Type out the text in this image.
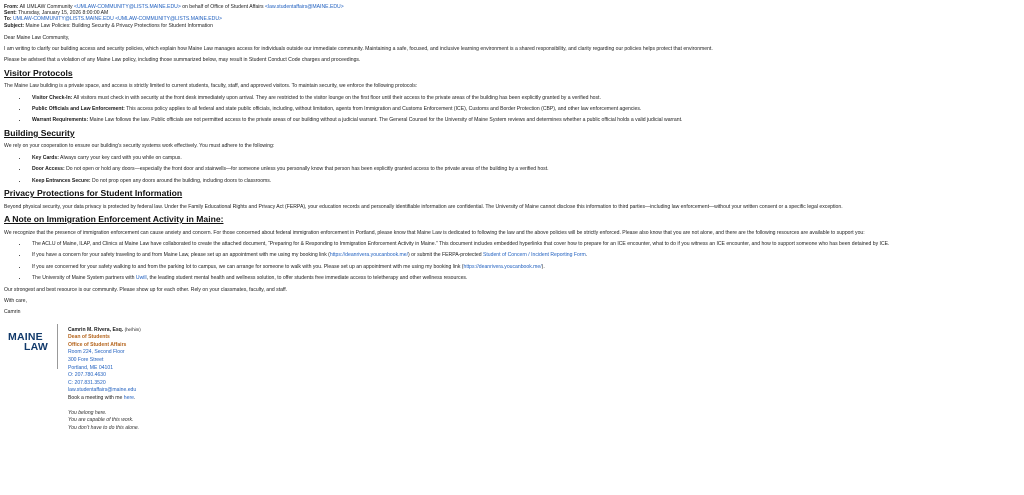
From: All UMLAW Community <UMLAW-COMMUNITY@LISTS.MAINE.EDU> on behalf of Office of Student Affairs <law.studentaffairs@MAINE.EDU>
Sent: Thursday, January 15, 2026 8:00:00 AM
To: UMLAW-COMMUNITY@LISTS.MAINE.EDU <UMLAW-COMMUNITY@LISTS.MAINE.EDU>
Subject: Maine Law Policies: Building Security & Privacy Protections for Student Information

Dear Maine Law Community,

I am writing to clarify our building access and security policies, which explain how Maine Law manages access for individuals outside our immediate community. Maintaining a safe, focused, and inclusive learning environment is a shared responsibility, and clarity regarding our policies helps protect that environment.

Please be advised that a violation of any Maine Law policy, including those summarized below, may result in Student Conduct Code charges and proceedings.

Visitor Protocols

The Maine Law building is a private space, and access is strictly limited to current students, faculty, staff, and approved visitors. To maintain security, we enforce the following protocols:

• Visitor Check-In: All visitors must check in with security at the front desk immediately upon arrival. They are restricted to the visitor lounge on the first floor until their access to the private areas of the building has been explicitly granted by a verified host.
• Public Officials and Law Enforcement: This access policy applies to all federal and state public officials, including, without limitation, agents from Immigration and Customs Enforcement (ICE), Customs and Border Protection (CBP), and other law enforcement agencies.
• Warrant Requirements: Maine Law follows the law. Public officials are not permitted access to the private areas of our building without a judicial warrant. The General Counsel for the University of Maine System reviews and determines whether a public official holds a valid judicial warrant.
Building Security

We rely on your cooperation to ensure our building’s security systems work effectively. You must adhere to the following:

• Key Cards: Always carry your key card with you while on campus.
• Door Access: Do not open or hold any doors—especially the front door and stairwells—for someone unless you personally know that person has been explicitly granted access to the private areas of the building by a verified host.
• Keep Entrances Secure: Do not prop open any doors around the building, including doors to classrooms.
Privacy Protections for Student Information

Beyond physical security, your data privacy is protected by federal law. Under the Family Educational Rights and Privacy Act (FERPA), your education records and personally identifiable information are confidential. The University of Maine cannot disclose this information to third parties—including law enforcement—without your written consent or a specific legal exception.

A Note on Immigration Enforcement Activity in Maine:

We recognize that the presence of immigration enforcement can cause anxiety and concern. For those concerned about federal immigration enforcement in Portland, please know that Maine Law is dedicated to following the law and the above policies will be strictly enforced. Please also know that you are not alone, and there are the following resources are available to support you:

• The ACLU of Maine, ILAP, and Clinics at Maine Law have collaborated to create the attached document, “Preparing for & Responding to Immigration Enforcement Activity in Maine.” This document includes embedded hyperlinks that cover how to prepare for an ICE encounter, what to do if you witness an ICE encounter, and how to support someone who has been detained by ICE.
• If you have a concern for your safety traveling to and from Maine Law, please set up an appointment with me using my booking link (https://deanrivera.youcanbook.me/) or submit the FERPA-protected Student of Concern / Incident Reporting Form.
• If you are concerned for your safety walking to and from the parking lot to campus, we can arrange for someone to walk with you. Please set up an appointment with me using my booking link (https://deanrivera.youcanbook.me/).
• The University of Maine System partners with Uwill, the leading student mental health and wellness solution, to offer students free immediate access to teletherapy and other wellness resources.

Our strongest and best resource is our community. Please show up for each other. Rely on your classmates, faculty, and staff.

With care,

Camrin

MAINE
LAW
Camrin M. Rivera, Esq. (he/him)
Dean of Students
Office of Student Affairs
Room 224, Second Floor
300 Fore Street
Portland, ME 04101
O: 207.780.4630
C: 207.831.3520
law.studentaffairs@maine.edu
Book a meeting with me here.
You belong here.
You are capable of this work.
You don’t have to do this alone.
